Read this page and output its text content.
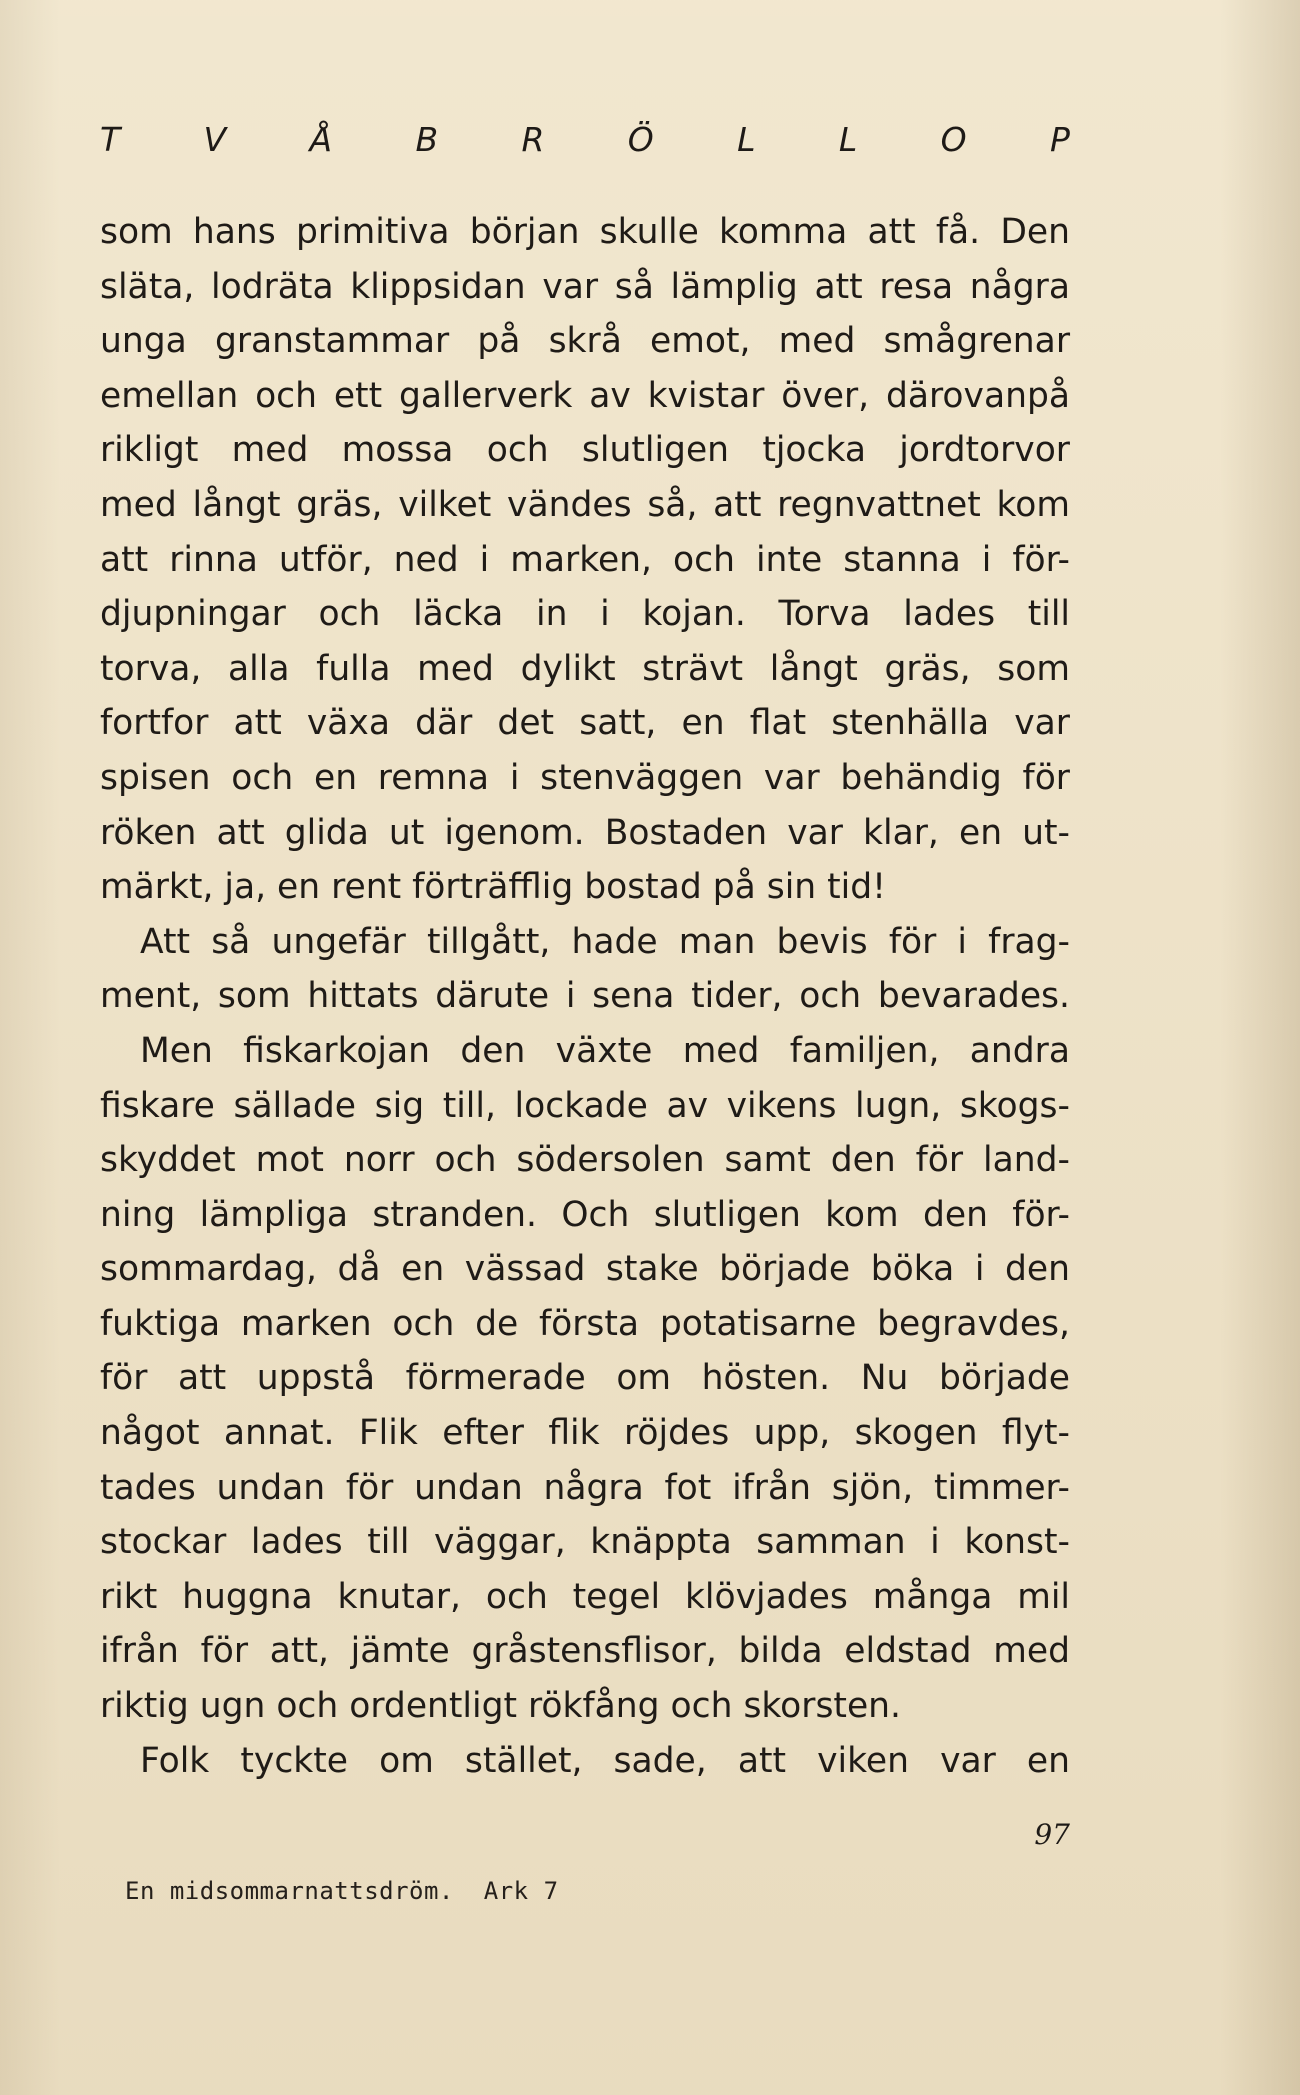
T	V	Å	B	R	Ö	L	L	O	P
som hans primitiva början skulle komma att få. Den
släta, lodräta klippsidan var så lämplig att resa några
unga granstammar på skrå emot, med smågrenar
emellan och ett gallerverk av kvistar över, därovanpå
rikligt med mossa och slutligen tjocka jordtorvor
med långt gräs, vilket vändes så, att regnvattnet kom
att rinna utför, ned i marken, och inte stanna i för-
djupningar och läcka in i kojan. Torva lades till
torva, alla fulla med dylikt strävt långt gräs, som
fortfor att växa där det satt, en flat stenhälla var
spisen och en remna i stenväggen var behändig för
röken att glida ut igenom. Bostaden var klar, en ut-
märkt, ja, en rent förträfflig bostad på sin tid!
Att så ungefär tillgått, hade man bevis för i frag-
ment, som hittats därute i sena tider, och bevarades.
Men fiskarkojan den växte med familjen, andra
fiskare sällade sig till, lockade av vikens lugn, skogs-
skyddet mot norr och södersolen samt den för land-
ning lämpliga stranden. Och slutligen kom den för-
sommardag, då en vässad stake började böka i den
fuktiga marken och de första potatisarne begravdes,
för att uppstå förmerade om hösten. Nu började
något annat. Flik efter flik röjdes upp, skogen flyt-
tades undan för undan några fot ifrån sjön, timmer-
stockar lades till väggar, knäppta samman i konst-
rikt huggna knutar, och tegel klövjades många mil
ifrån för att, jämte gråstensflisor, bilda eldstad med
riktig ugn och ordentligt rökfång och skorsten.
Folk tyckte om stället, sade, att viken var en
97
En midsommarnattsdröm.  Ark 7
